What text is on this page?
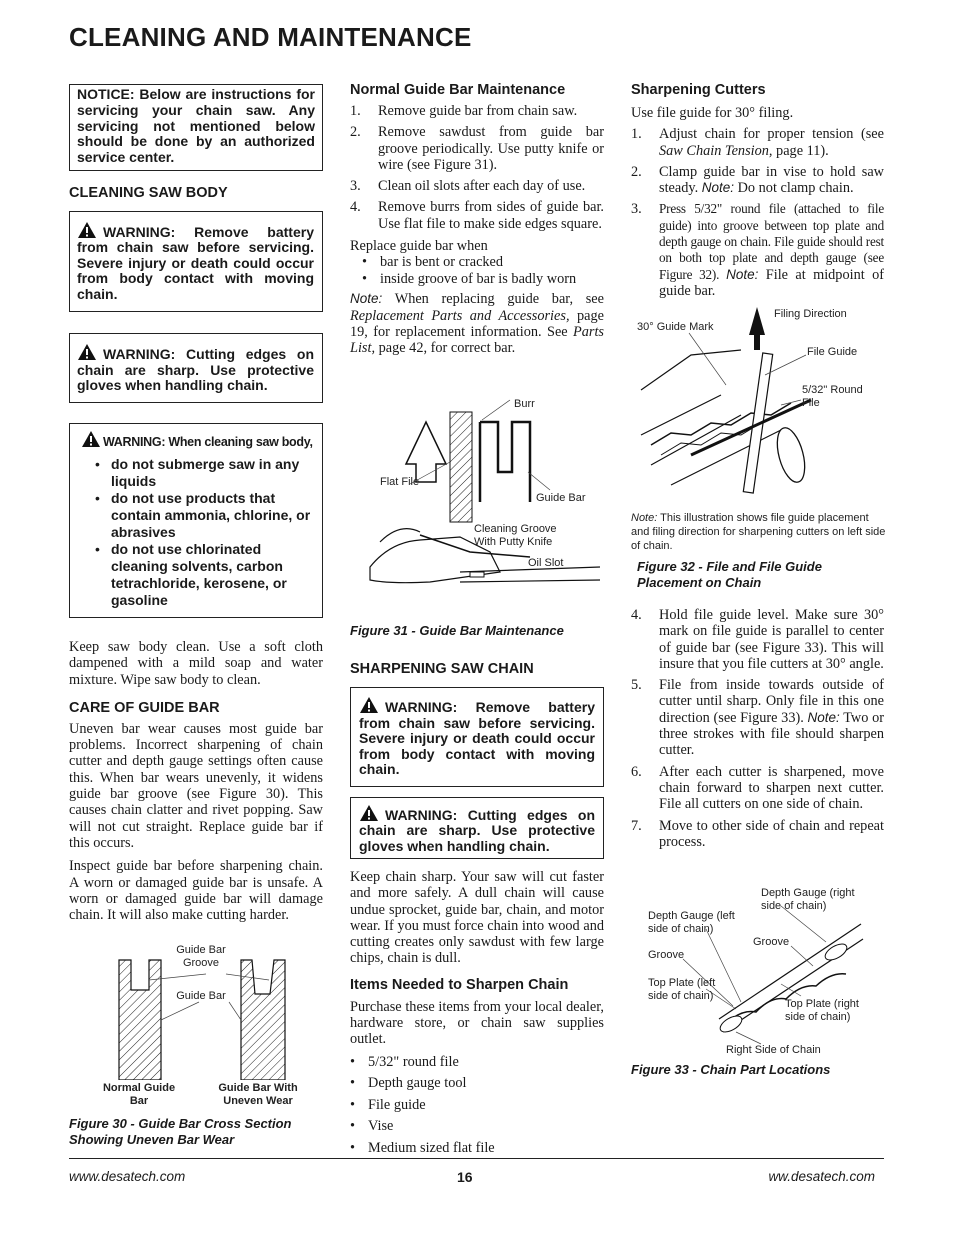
CLEANING AND MAINTENANCE
NOTICE: Below are instructions for servicing your chain saw. Any servicing not mentioned below should be done by an authorized service center.
CLEANING SAW BODY
WARNING: Remove battery from chain saw before servicing. Severe injury or death could occur from body contact with moving chain.
WARNING: Cutting edges on chain are sharp. Use protective gloves when handling chain.
WARNING: When cleaning saw body,
• do not submerge saw in any liquids
• do not use products that contain ammonia, chlorine, or abrasives
• do not use chlorinated cleaning solvents, carbon tetrachloride, kerosene, or gasoline
Keep saw body clean. Use a soft cloth dampened with a mild soap and water mixture. Wipe saw body to clean.
CARE OF GUIDE BAR
Uneven bar wear causes most guide bar problems. Incorrect sharpening of chain cutter and depth gauge settings often cause this. When bar wears unevenly, it widens guide bar groove (see Figure 30). This causes chain clatter and rivet popping. Saw will not cut straight. Replace guide bar if this occurs.
Inspect guide bar before sharpening chain. A worn or damaged guide bar is unsafe. A worn or damaged guide bar will damage chain. It will also make cutting harder.
Guide Bar Groove
Guide Bar
Normal Guide Bar
Guide Bar With Uneven Wear
Figure 30 - Guide Bar Cross Section Showing Uneven Bar Wear
Normal Guide Bar Maintenance
1. Remove guide bar from chain saw.
2. Remove sawdust from guide bar groove periodically. Use putty knife or wire (see Figure 31).
3. Clean oil slots after each day of use.
4. Remove burrs from sides of guide bar. Use flat file to make side edges square.
Replace guide bar when
• bar is bent or cracked
• inside groove of bar is badly worn
Note: When replacing guide bar, see Replacement Parts and Accessories, page 19, for replacement information. See Parts List, page 42, for correct bar.
Burr
Flat File
Guide Bar
Cleaning Groove With Putty Knife
Oil Slot
Figure 31 - Guide Bar Maintenance
SHARPENING SAW CHAIN
WARNING: Remove battery from chain saw before servicing. Severe injury or death could occur from body contact with moving chain.
WARNING: Cutting edges on chain are sharp. Use protective gloves when handling chain.
Keep chain sharp. Your saw will cut faster and more safely. A dull chain will cause undue sprocket, guide bar, chain, and motor wear. If you must force chain into wood and cutting creates only sawdust with few large chips, chain is dull.
Items Needed to Sharpen Chain
Purchase these items from your local dealer, hardware store, or chain saw supplies outlet.
• 5/32" round file
• Depth gauge tool
• File guide
• Vise
• Medium sized flat file
Sharpening Cutters
Use file guide for 30° filing.
1. Adjust chain for proper tension (see Saw Chain Tension, page 11).
2. Clamp guide bar in vise to hold saw steady. Note: Do not clamp chain.
3. Press 5/32" round file (attached to file guide) into groove between top plate and depth gauge on chain. File guide should rest on both top plate and depth gauge (see Figure 32). Note: File at midpoint of guide bar.
30° Guide Mark
Filing Direction
File Guide
5/32" Round File
Note: This illustration shows file guide placement and filing direction for sharpening cutters on left side of chain.
Figure 32 - File and File Guide Placement on Chain
4. Hold file guide level. Make sure 30° mark on file guide is parallel to center of guide bar (see Figure 33). This will insure that you file cutters at 30° angle.
5. File from inside towards outside of cutter until sharp. Only file in this one direction (see Figure 33). Note: Two or three strokes with file should sharpen cutter.
6. After each cutter is sharpened, move chain forward to sharpen next cutter. File all cutters on one side of chain.
7. Move to other side of chain and repeat process.
Depth Gauge (right side of chain)
Depth Gauge (left side of chain)
Groove
Groove
Top Plate (left side of chain)
Top Plate (right side of chain)
Right Side of Chain
Figure 33 - Chain Part Locations
www.desatech.com	16	ww.desatech.com
